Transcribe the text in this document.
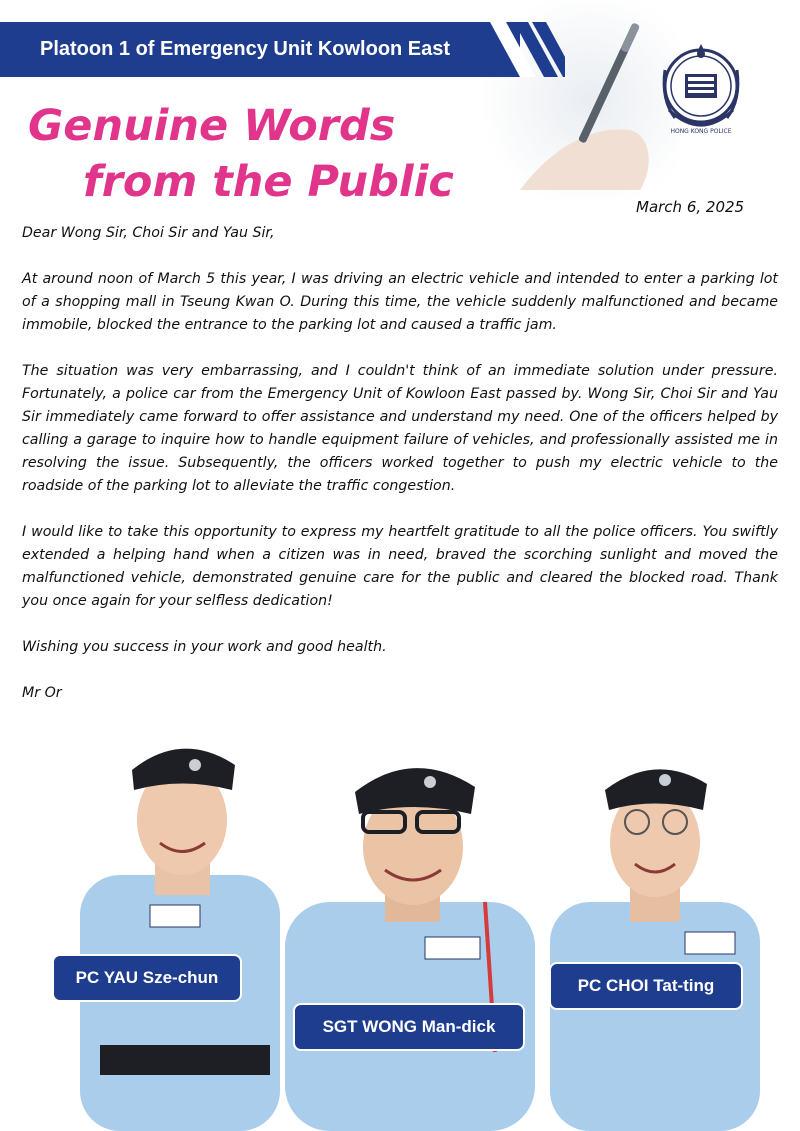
Platoon 1 of Emergency Unit Kowloon East
Genuine Words
from the Public
HONG KONG POLICE
March 6, 2025

Dear Wong Sir, Choi Sir and Yau Sir,

At around noon of March 5 this year, I was driving an electric vehicle and intended to enter a parking lot of a shopping mall in Tseung Kwan O. During this time, the vehicle suddenly malfunctioned and became immobile, blocked the entrance to the parking lot and caused a traffic jam.

The situation was very embarrassing, and I couldn't think of an immediate solution under pressure. Fortunately, a police car from the Emergency Unit of Kowloon East passed by. Wong Sir, Choi Sir and Yau Sir immediately came forward to offer assistance and understand my need. One of the officers helped by calling a garage to inquire how to handle equipment failure of vehicles, and professionally assisted me in resolving the issue. Subsequently, the officers worked together to push my electric vehicle to the roadside of the parking lot to alleviate the traffic congestion.

I would like to take this opportunity to express my heartfelt gratitude to all the police officers. You swiftly extended a helping hand when a citizen was in need, braved the scorching sunlight and moved the malfunctioned vehicle, demonstrated genuine care for the public and cleared the blocked road. Thank you once again for your selfless dedication!

Wishing you success in your work and good health.

Mr Or

PC YAU Sze-chun
SGT WONG Man-dick
PC CHOI Tat-ting
